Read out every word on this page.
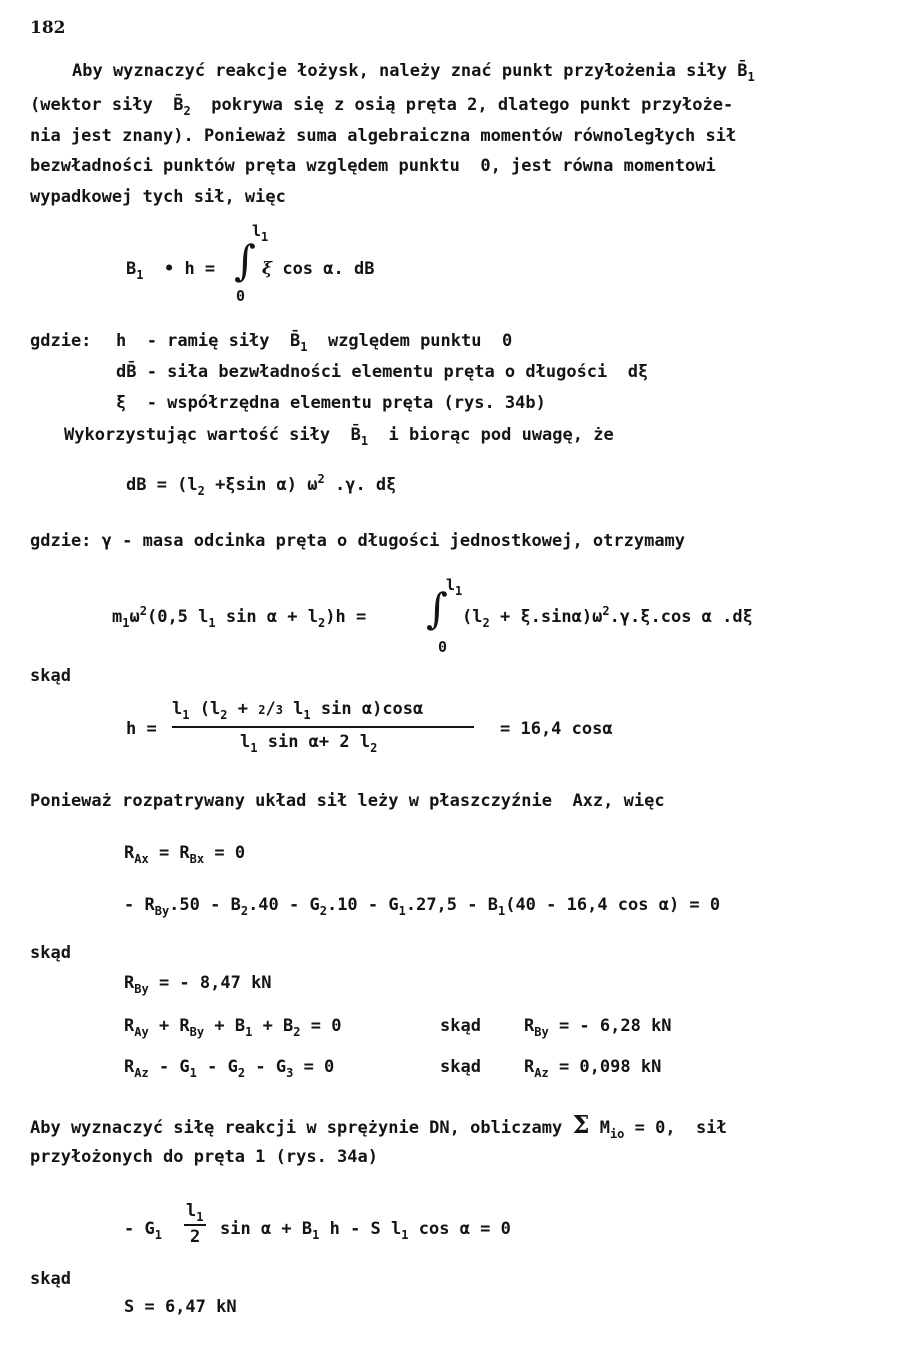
182
Aby wyznaczyć reakcje łożysk, należy znać punkt przyłożenia siły $B̄_1$
(wektor siły  $B̄_2$ pokrywa się z osią pręta 2, dlatego punkt przyłoże-
nia jest znany). Ponieważ suma algebraiczna momentów równoległych sił
bezwładności punktów pręta względem punktu  0, jest równa momentowi
wypadkowej tych sił, więc
$B_1$ • h = ∫
$l_1$
0
ξ cos α. dB
gdzie: h  - ramię siły  $B̄_1$ względem punktu  0
dB̄ - siła bezwładności elementu pręta o długości  dξ
ξ  - współrzędna elementu pręta (rys. 34b)
Wykorzystując wartość siły  $B̄_1$ i biorąc pod uwagę, że
dB = ($l_2 +\xi\sin$ α) $\omega^2$ .γ. dξ
gdzie: γ - masa odcinka pręta o długości jednostkowej, otrzymamy
$m_1\omega^2(0,5$ $l_1$ $\sin \alpha + l_2)h$ = ∫
$l_1$
0
$(l_2 + \xi.\sin\alpha)\omega^2.\gamma.\xi.\cos$ α .dξ
skąd
h =
$l_1$ ($l_2 + 2/3$ $l_1$ sin α)cosα
$l_1$ sin α+ 2 $l_2$
= 16,4 cosα
Ponieważ rozpatrywany układ sił leży w płaszczyźnie  Axz, więc
$R_{Ax} = R_{Bx} = 0$
- $R_{By}.50 - B_2.40 - G_2.10 - G_1.27,5 - B_1(40 - 16,4$ cos α) = 0
skąd
$R_{By}$ = - 8,47 kN
$R_{Ay} + R_{By} + B_1 + B_2 = 0$	skąd	$R_{By}$ = - 6,28 kN
$R_{Az} - G_1 - G_2 - G_3 = 0$	skąd	$R_{Az} = 0,098$ kN
Aby wyznaczyć siłę reakcji w sprężynie DN, obliczamy Σ $M_{io} = 0$,  sił
przyłożonych do pręta 1 (rys. 34a)
- $G_1$
$l_1$
2 $\sin \alpha + B_1$ h - S $l_1$ cos α = 0
skąd
S = 6,47 kN
